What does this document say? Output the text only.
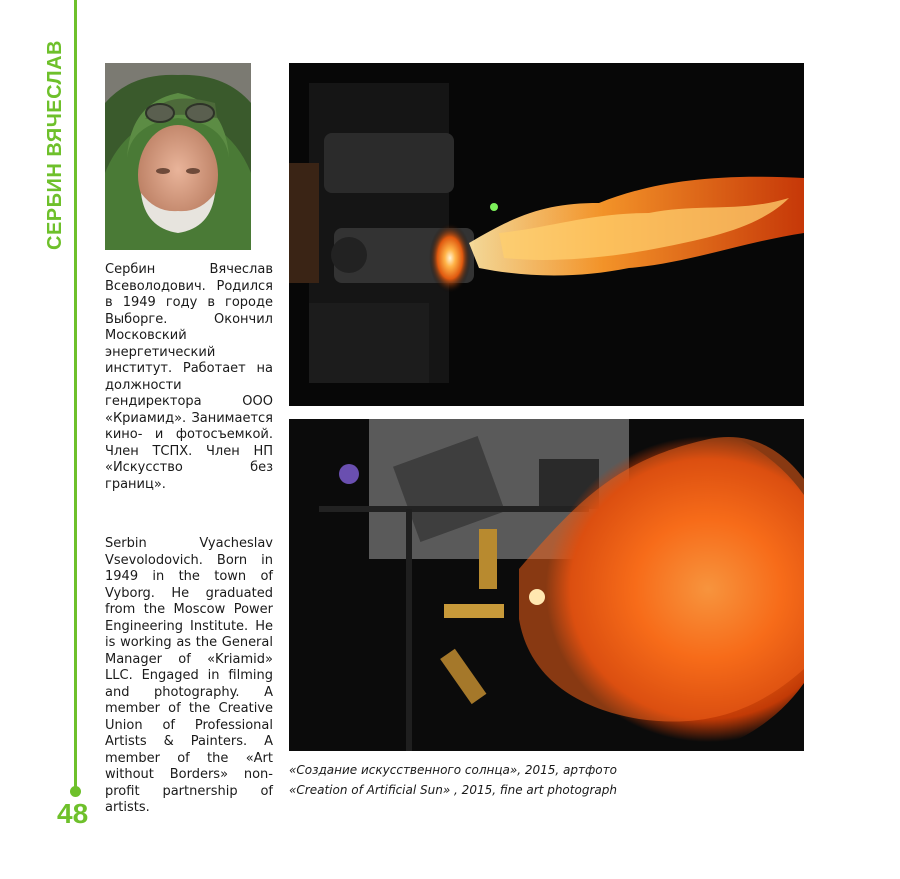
СЕРБИН ВЯЧЕСЛАВ
48
Сербин Вячеслав Всеволодович. Родился в 1949 году в городе Выборге. Окончил Московский энергетический институт. Работает на должности гендиректора ООО «Криамид». Занимается кино- и фотосъемкой. Член ТСПХ. Член НП «Искусство без границ».
Serbin Vyacheslav Vsevolodovich. Born in 1949 in the town of Vyborg. He graduated from the Moscow Power Engineering Institute. He is working as the General Manager of «Kriamid» LLC. Engaged in filming and photography. A member of the Creative Union of Professional Artists & Painters. A member of the «Art without Borders» non-profit partnership of artists.
«Создание искусственного солнца», 2015, артфото
«Creation of Artificial Sun» , 2015, fine art photograph
